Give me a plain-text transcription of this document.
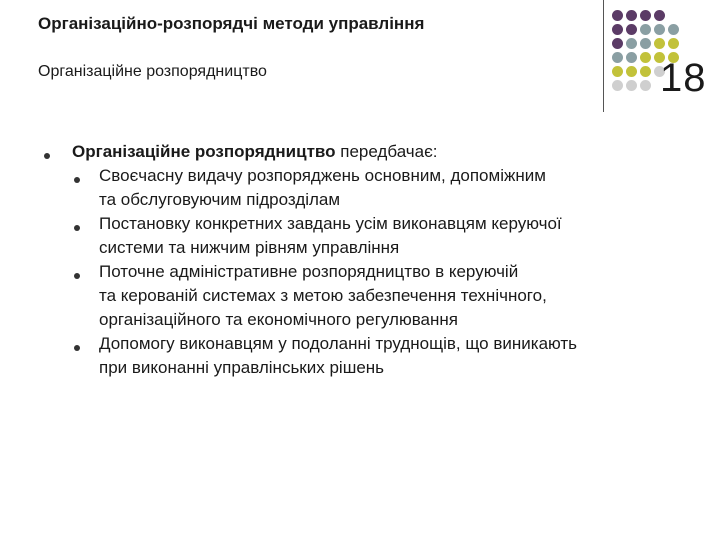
Організаційно-розпорядчі методи управління
Організаційне розпорядництво	18
Організаційне розпорядництво передбачає:
Своєчасну видачу розпоряджень основним, допоміжним
та обслуговуючим підрозділам
Постановку конкретних завдань усім виконавцям керуючої
системи та нижчим рівням управління
Поточне адміністративне розпорядництво в керуючій
та керованій системах з метою забезпечення технічного,
організаційного та економічного регулювання
Допомогу виконавцям у подоланні труднощів, що виникають
при виконанні управлінських рішень
